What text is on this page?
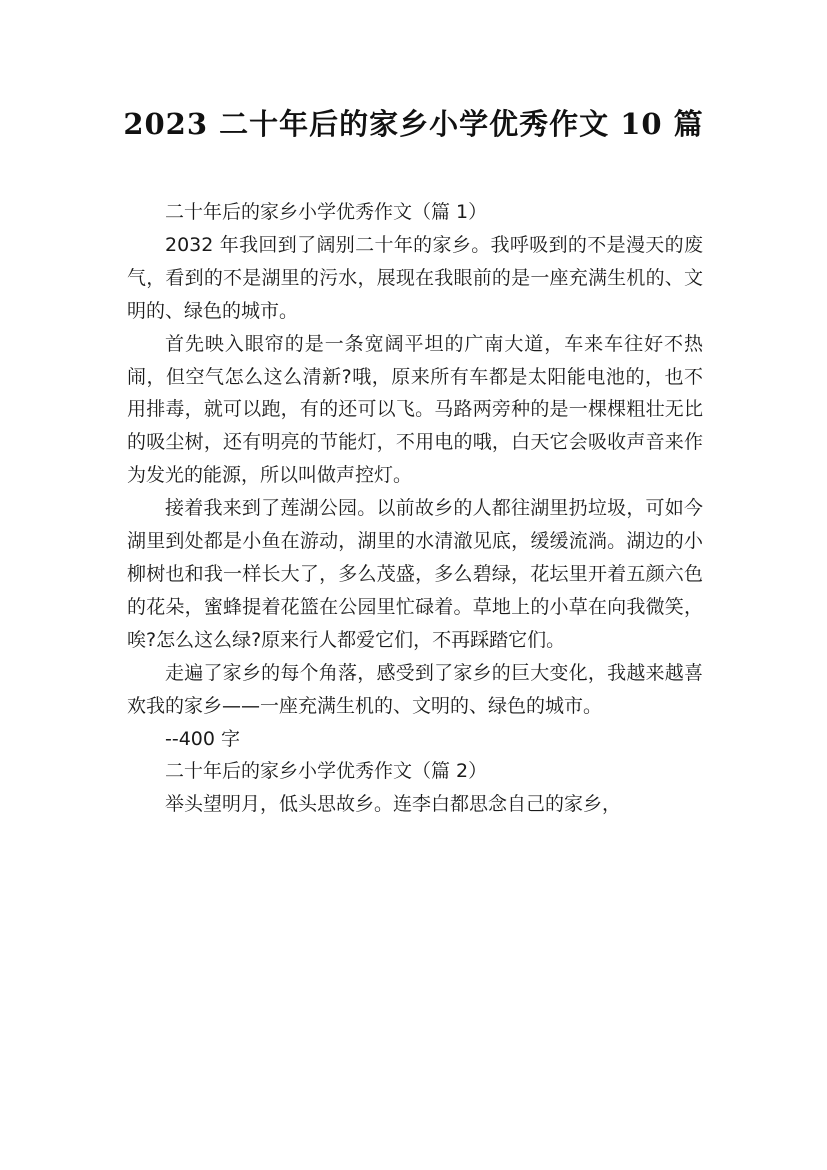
2023 二十年后的家乡小学优秀作文 10 篇

二十年后的家乡小学优秀作文（篇 1）

2032 年我回到了阔别二十年的家乡。我呼吸到的不是漫天的废气，看到的不是湖里的污水，展现在我眼前的是一座充满生机的、文明的、绿色的城市。

首先映入眼帘的是一条宽阔平坦的广南大道，车来车往好不热闹，但空气怎么这么清新?哦，原来所有车都是太阳能电池的，也不用排毒，就可以跑，有的还可以飞。马路两旁种的是一棵棵粗壮无比的吸尘树，还有明亮的节能灯，不用电的哦，白天它会吸收声音来作为发光的能源，所以叫做声控灯。

接着我来到了莲湖公园。以前故乡的人都往湖里扔垃圾，可如今湖里到处都是小鱼在游动，湖里的水清澈见底，缓缓流淌。湖边的小柳树也和我一样长大了，多么茂盛，多么碧绿，花坛里开着五颜六色的花朵，蜜蜂提着花篮在公园里忙碌着。草地上的小草在向我微笑，唉?怎么这么绿?原来行人都爱它们，不再踩踏它们。

走遍了家乡的每个角落，感受到了家乡的巨大变化，我越来越喜欢我的家乡——一座充满生机的、文明的、绿色的城市。

--400 字

二十年后的家乡小学优秀作文（篇 2）

举头望明月，低头思故乡。连李白都思念自己的家乡，
